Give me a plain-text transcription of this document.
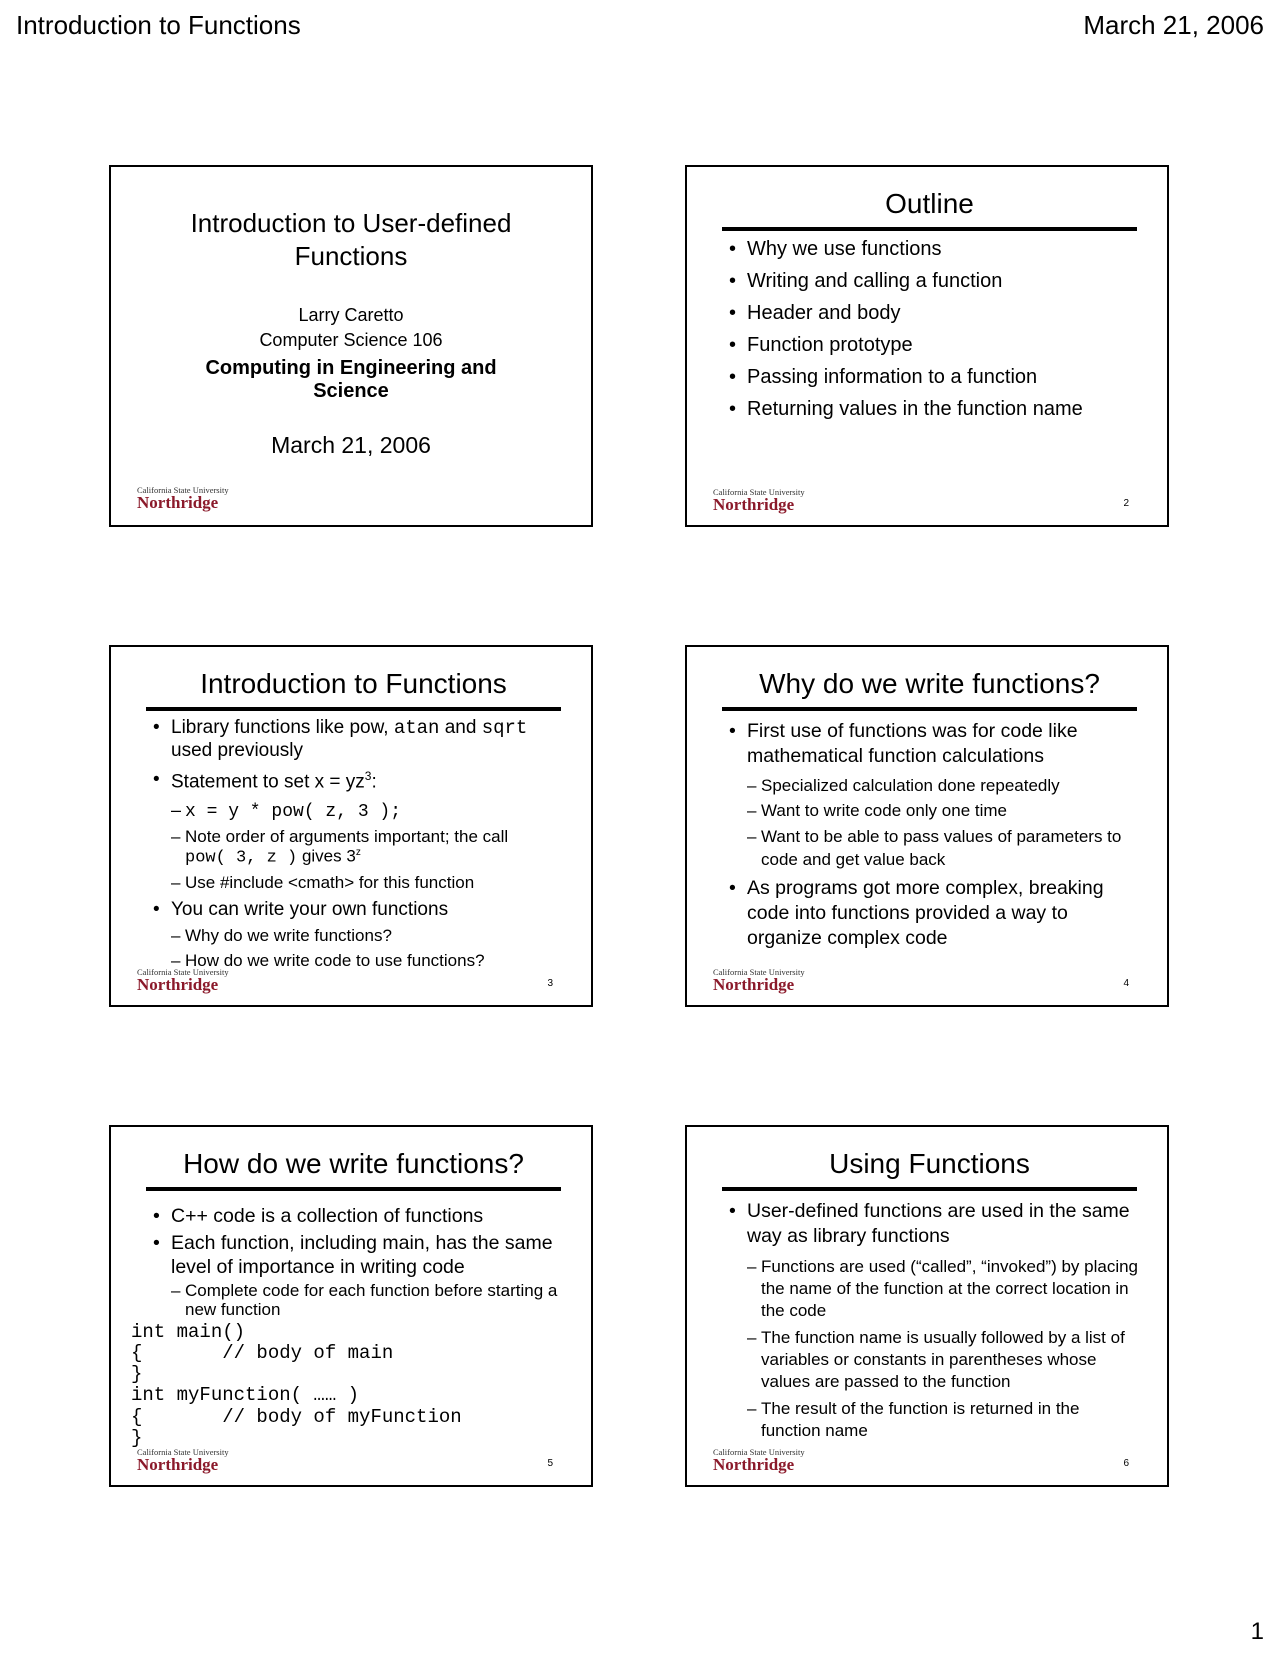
Introduction to Functions	March 21, 2006
Introduction to User-defined
Functions
Larry Caretto
Computer Science 106
Computing in Engineering and
Science
March 21, 2006
California State University
Northridge
Outline
• Why we use functions
• Writing and calling a function
• Header and body
• Function prototype
• Passing information to a function
• Returning values in the function name
California State University
Northridge	2
Introduction to Functions
• Library functions like pow, atan and sqrt used previously
• Statement to set $x = yz^3$:
– x = y * pow( z, 3 );
– Note order of arguments important; the call
pow( 3, z ) gives 3$^z$
– Use #include <cmath> for this function
• You can write your own functions
– Why do we write functions?
– How do we write code to use functions?
California State University
Northridge	3
Why do we write functions?
• First use of functions was for code like mathematical function calculations
– Specialized calculation done repeatedly
– Want to write code only one time
– Want to be able to pass values of parameters to code and get value back
• As programs got more complex, breaking code into functions provided a way to organize complex code
California State University
Northridge	4
How do we write functions?
• C++ code is a collection of functions
• Each function, including main, has the same level of importance in writing code
– Complete code for each function before starting a new function
int main()
{       // body of main
}
int myFunction( …… )
{       // body of myFunction
}
California State University
Northridge	5
Using Functions
• User-defined functions are used in the same way as library functions
– Functions are used (“called”, “invoked”) by placing the name of the function at the correct location in the code
– The function name is usually followed by a list of variables or constants in parentheses whose values are passed to the function
– The result of the function is returned in the function name
California State University
Northridge	6
1
